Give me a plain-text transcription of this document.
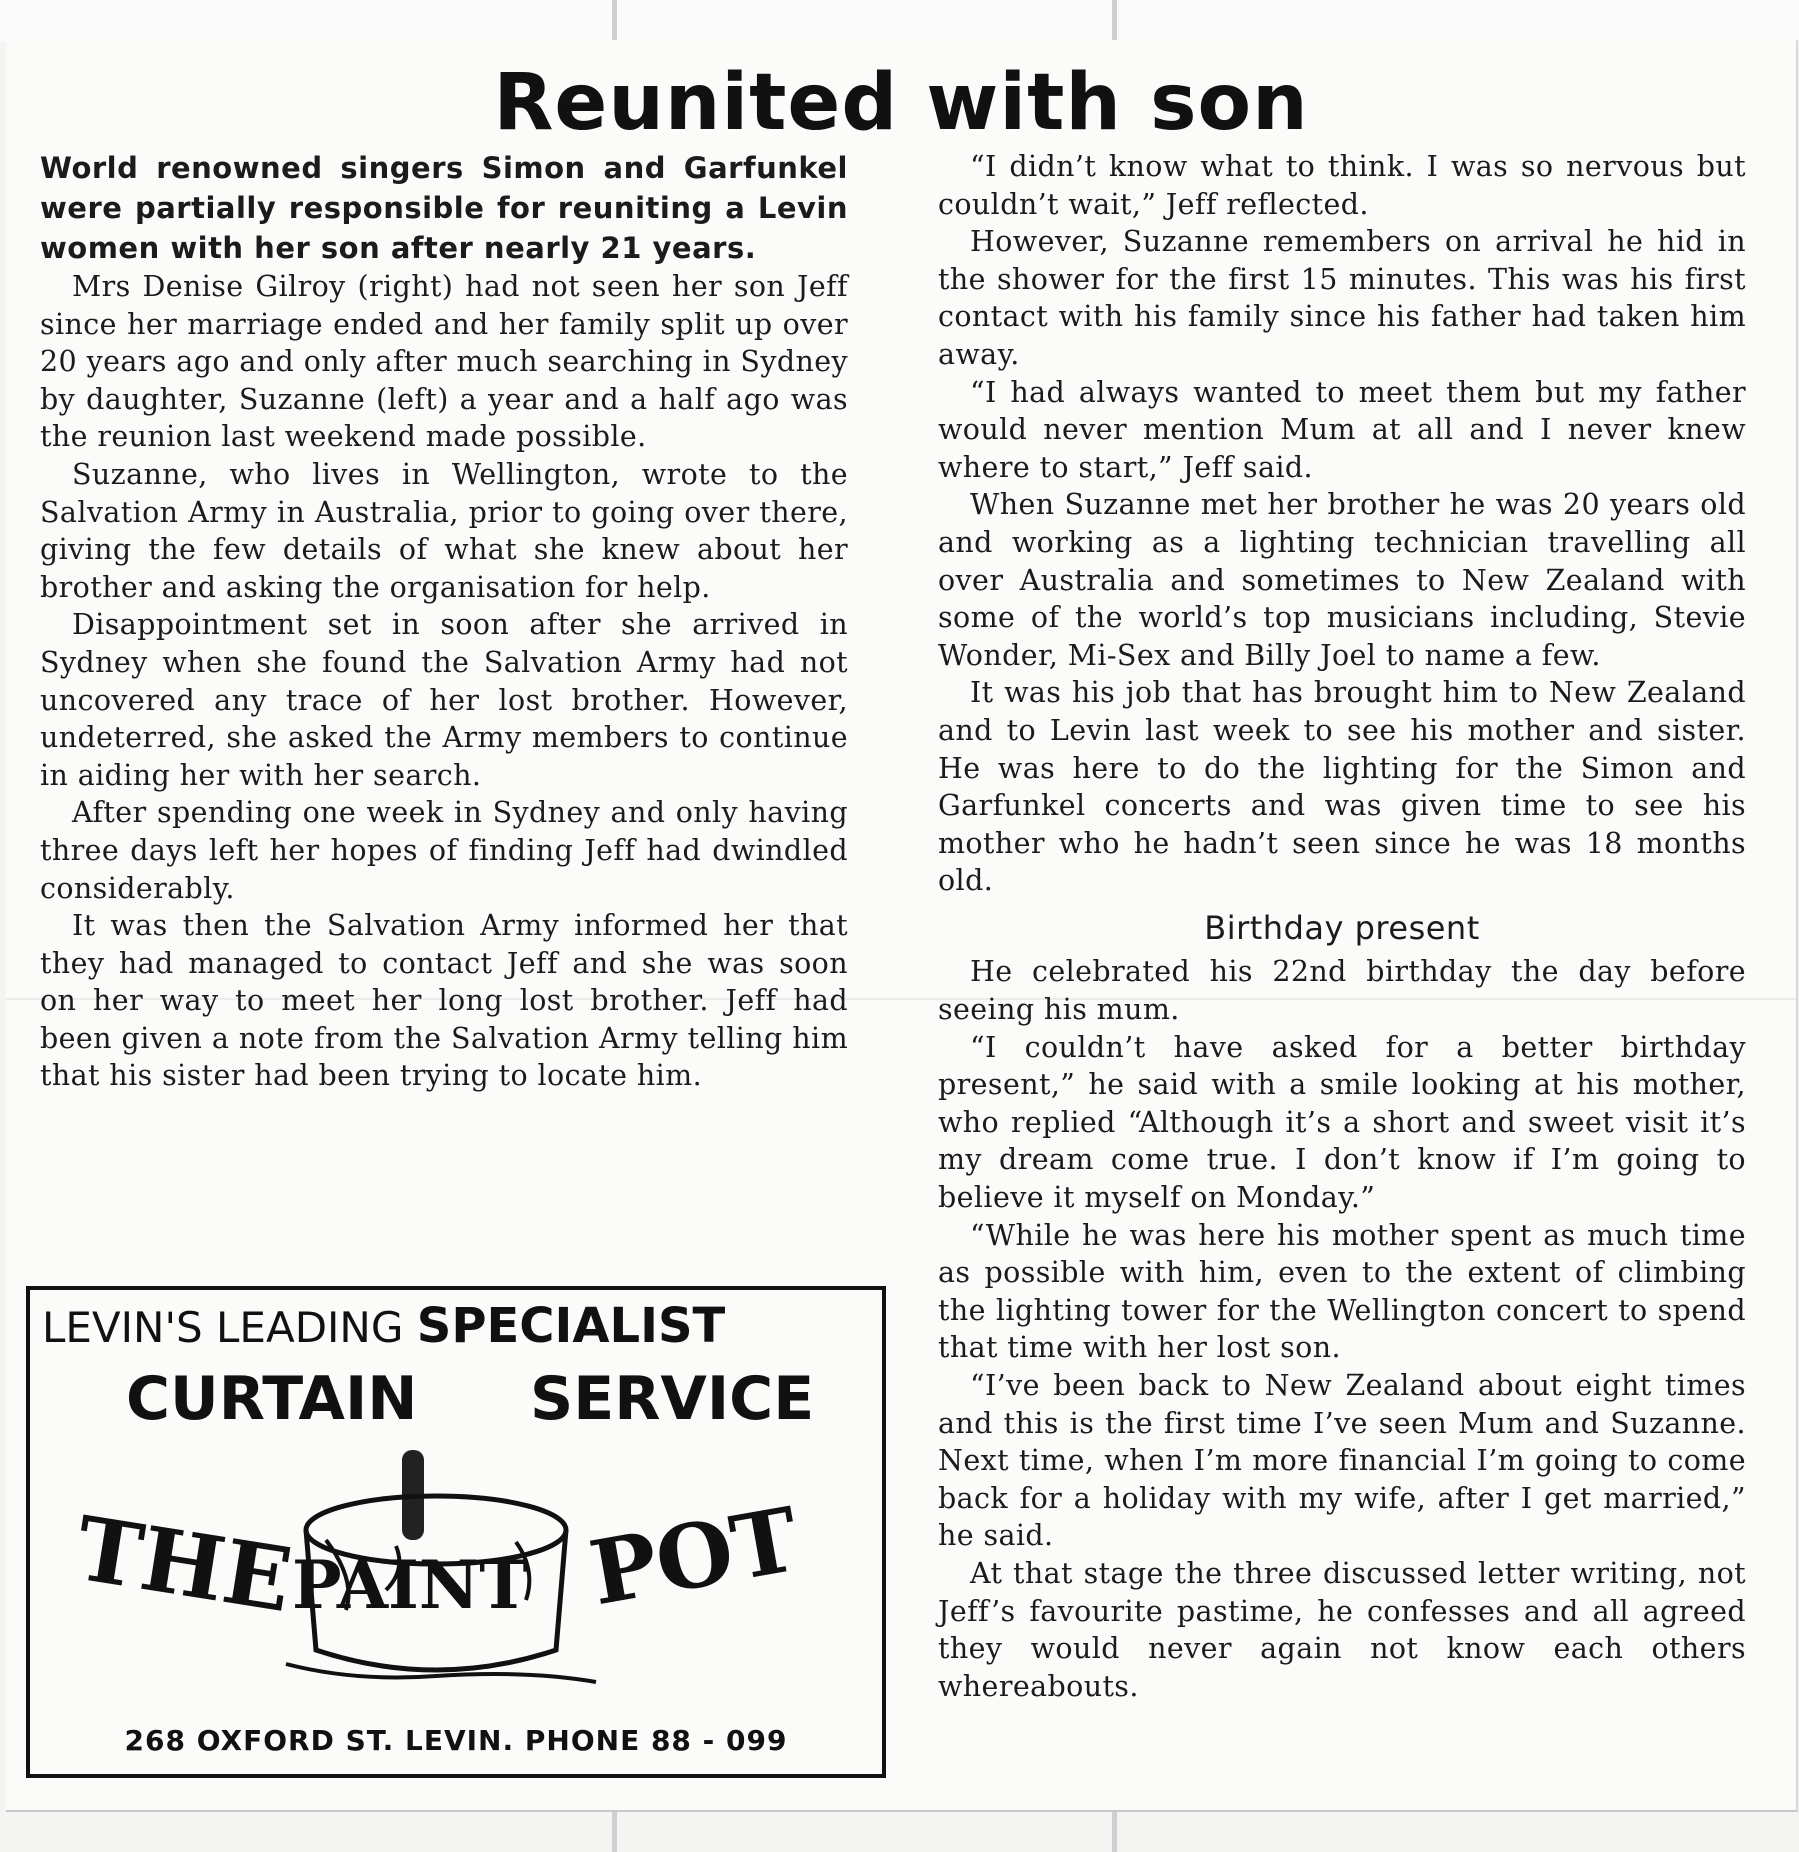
Reunited with son

World renowned singers Simon and Garfunkel were partially responsible for reuniting a Levin women with her son after nearly 21 years.

Mrs Denise Gilroy (right) had not seen her son Jeff since her marriage ended and her family split up over 20 years ago and only after much searching in Sydney by daughter, Suzanne (left) a year and a half ago was the reunion last weekend made possible.

Suzanne, who lives in Wellington, wrote to the Salvation Army in Australia, prior to going over there, giving the few details of what she knew about her brother and asking the organisation for help.

Disappointment set in soon after she arrived in Sydney when she found the Salvation Army had not uncovered any trace of her lost brother. However, undeterred, she asked the Army members to continue in aiding her with her search.

After spending one week in Sydney and only having three days left her hopes of finding Jeff had dwindled considerably.

It was then the Salvation Army informed her that they had managed to contact Jeff and she was soon on her way to meet her long lost brother. Jeff had been given a note from the Salvation Army telling him that his sister had been trying to locate him.

“I didn’t know what to think. I was so nervous but couldn’t wait,” Jeff reflected.

However, Suzanne remembers on arrival he hid in the shower for the first 15 minutes. This was his first contact with his family since his father had taken him away.

“I had always wanted to meet them but my father would never mention Mum at all and I never knew where to start,” Jeff said.

When Suzanne met her brother he was 20 years old and working as a lighting technician travelling all over Australia and sometimes to New Zealand with some of the world’s top musicians including, Stevie Wonder, Mi-Sex and Billy Joel to name a few.

It was his job that has brought him to New Zealand and to Levin last week to see his mother and sister. He was here to do the lighting for the Simon and Garfunkel concerts and was given time to see his mother who he hadn’t seen since he was 18 months old.

Birthday present

He celebrated his 22nd birthday the day before seeing his mum.

“I couldn’t have asked for a better birthday present,” he said with a smile looking at his mother, who replied “Although it’s a short and sweet visit it’s my dream come true. I don’t know if I’m going to believe it myself on Monday.”

“While he was here his mother spent as much time as possible with him, even to the extent of climbing the lighting tower for the Wellington concert to spend that time with her lost son.

“I’ve been back to New Zealand about eight times and this is the first time I’ve seen Mum and Suzanne. Next time, when I’m more financial I’m going to come back for a holiday with my wife, after I get married,” he said.

At that stage the three discussed letter writing, not Jeff’s favourite pastime, he confesses and all agreed they would never again not know each others whereabouts.

LEVIN'S LEADING SPECIALIST
CURTAIN SERVICE
THE
PAINT POT
268 OXFORD ST. LEVIN. PHONE 88 - 099
